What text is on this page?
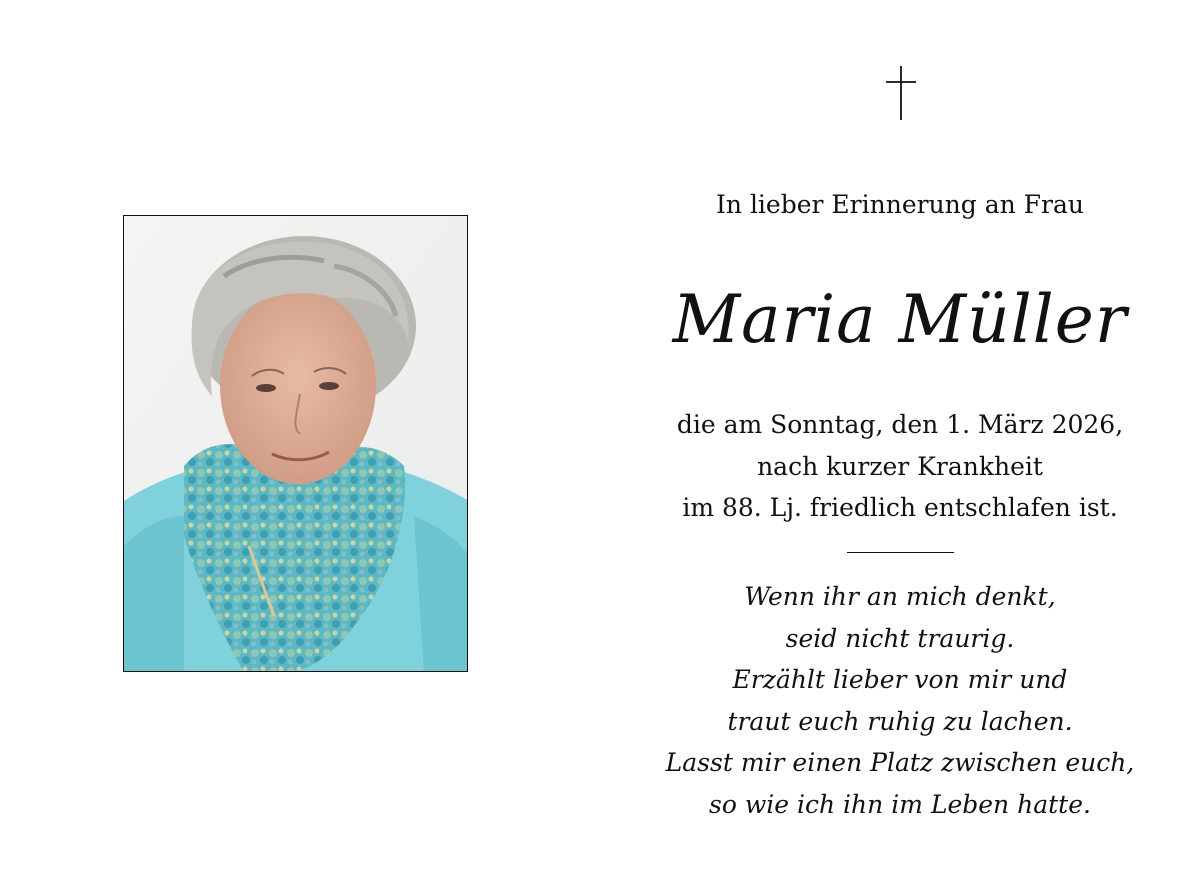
In lieber Erinnerung an Frau
Maria Müller
die am Sonntag, den 1. März 2026,
nach kurzer Krankheit
im 88. Lj. friedlich entschlafen ist.
Wenn ihr an mich denkt,
seid nicht traurig.
Erzählt lieber von mir und
traut euch ruhig zu lachen.
Lasst mir einen Platz zwischen euch,
so wie ich ihn im Leben hatte.
